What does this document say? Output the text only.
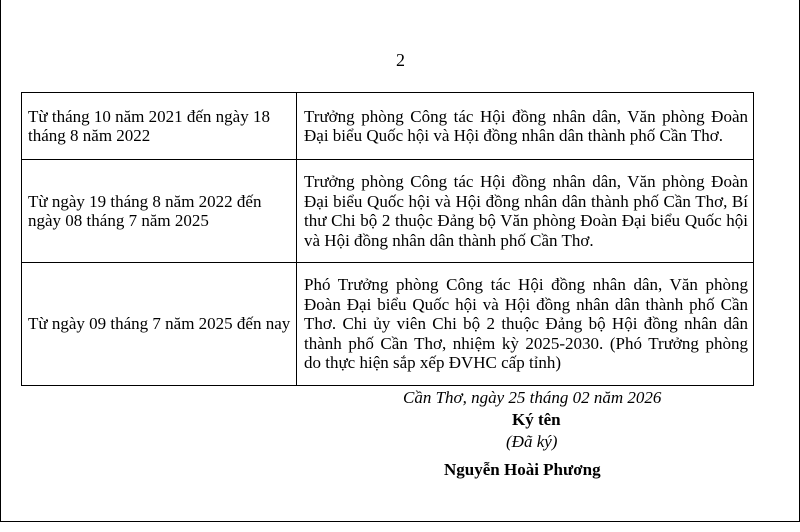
2
Từ tháng 10 năm 2021 đến ngày 18 tháng 8 năm 2022	Trưởng phòng Công tác Hội đồng nhân dân, Văn phòng Đoàn Đại biểu Quốc hội và Hội đồng nhân dân thành phố Cần Thơ.
Từ ngày 19 tháng 8 năm 2022 đến ngày 08 tháng 7 năm 2025	Trưởng phòng Công tác Hội đồng nhân dân, Văn phòng Đoàn Đại biểu Quốc hội và Hội đồng nhân dân thành phố Cần Thơ, Bí thư Chi bộ 2 thuộc Đảng bộ Văn phòng Đoàn Đại biểu Quốc hội và Hội đồng nhân dân thành phố Cần Thơ.
Từ ngày 09 tháng 7 năm 2025 đến nay	Phó Trưởng phòng Công tác Hội đồng nhân dân, Văn phòng Đoàn Đại biểu Quốc hội và Hội đồng nhân dân thành phố Cần Thơ. Chi ủy viên Chi bộ 2 thuộc Đảng bộ Hội đồng nhân dân thành phố Cần Thơ, nhiệm kỳ 2025-2030. (Phó Trưởng phòng do thực hiện sắp xếp ĐVHC cấp tỉnh)
Cần Thơ, ngày 25 tháng 02 năm 2026
Ký tên
(Đã ký)
Nguyễn Hoài Phương
